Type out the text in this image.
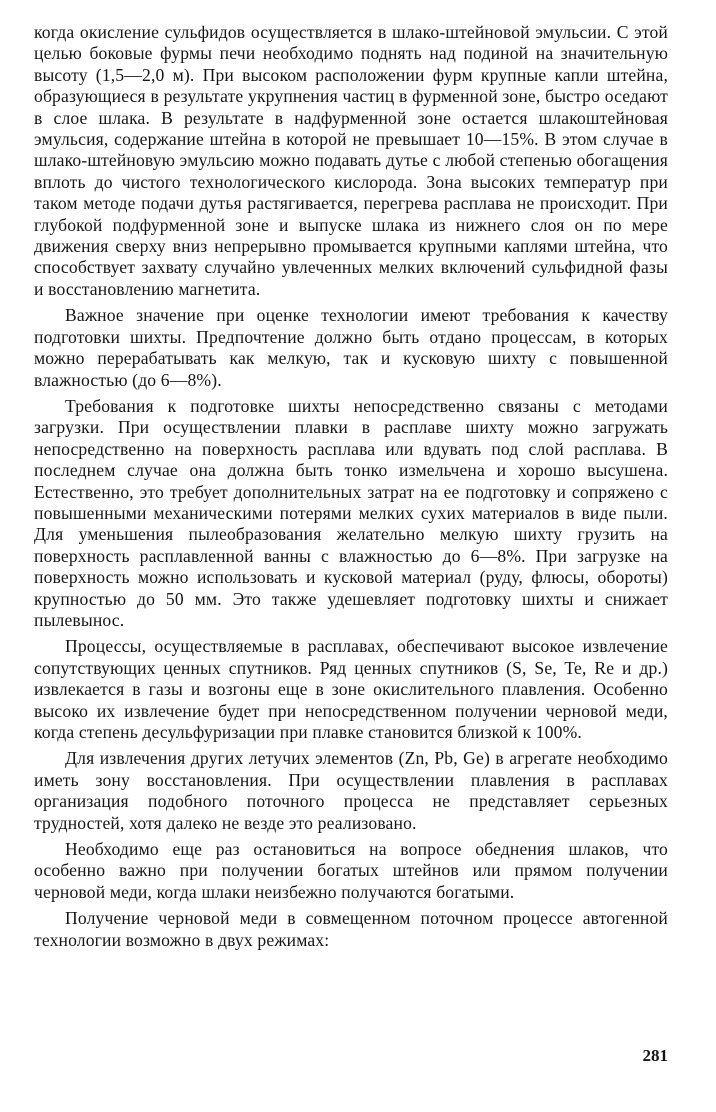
когда окисление сульфидов осуществляется в шлако-штейновой эмульсии. С этой целью боковые фурмы печи необходимо поднять над подиной на значительную высоту (1,5—2,0 м). При высоком расположении фурм крупные капли штейна, образующиеся в результате укрупнения частиц в фурменной зоне, быстро оседают в слое шлака. В результате в надфурменной зоне остается шлакоштейновая эмульсия, содержание штейна в которой не превышает 10—15%. В этом случае в шлако-штейновую эмульсию можно подавать дутье с любой степенью обогащения вплоть до чистого технологического кислорода. Зона высоких температур при таком методе подачи дутья растягивается, перегрева расплава не происходит. При глубокой подфурменной зоне и выпуске шлака из нижнего слоя он по мере движения сверху вниз непрерывно промывается крупными каплями штейна, что способствует захвату случайно увлеченных мелких включений сульфидной фазы и восстановлению магнетита.

Важное значение при оценке технологии имеют требования к качеству подготовки шихты. Предпочтение должно быть отдано процессам, в которых можно перерабатывать как мелкую, так и кусковую шихту с повышенной влажностью (до 6—8%).

Требования к подготовке шихты непосредственно связаны с методами загрузки. При осуществлении плавки в расплаве шихту можно загружать непосредственно на поверхность расплава или вдувать под слой расплава. В последнем случае она должна быть тонко измельчена и хорошо высушена. Естественно, это требует дополнительных затрат на ее подготовку и сопряжено с повышенными механическими потерями мелких сухих материалов в виде пыли. Для уменьшения пылеобразования желательно мелкую шихту грузить на поверхность расплавленной ванны с влажностью до 6—8%. При загрузке на поверхность можно использовать и кусковой материал (руду, флюсы, обороты) крупностью до 50 мм. Это также удешевляет подготовку шихты и снижает пылевынос.

Процессы, осуществляемые в расплавах, обеспечивают высокое извлечение сопутствующих ценных спутников. Ряд ценных спутников (S, Se, Te, Re и др.) извлекается в газы и возгоны еще в зоне окислительного плавления. Особенно высоко их извлечение будет при непосредственном получении черновой меди, когда степень десульфуризации при плавке становится близкой к 100%.

Для извлечения других летучих элементов (Zn, Pb, Ge) в агрегате необходимо иметь зону восстановления. При осуществлении плавления в расплавах организация подобного поточного процесса не представляет серьезных трудностей, хотя далеко не везде это реализовано.

Необходимо еще раз остановиться на вопросе обеднения шлаков, что особенно важно при получении богатых штейнов или прямом получении черновой меди, когда шлаки неизбежно получаются богатыми.

Получение черновой меди в совмещенном поточном процессе автогенной технологии возможно в двух режимах:

281
